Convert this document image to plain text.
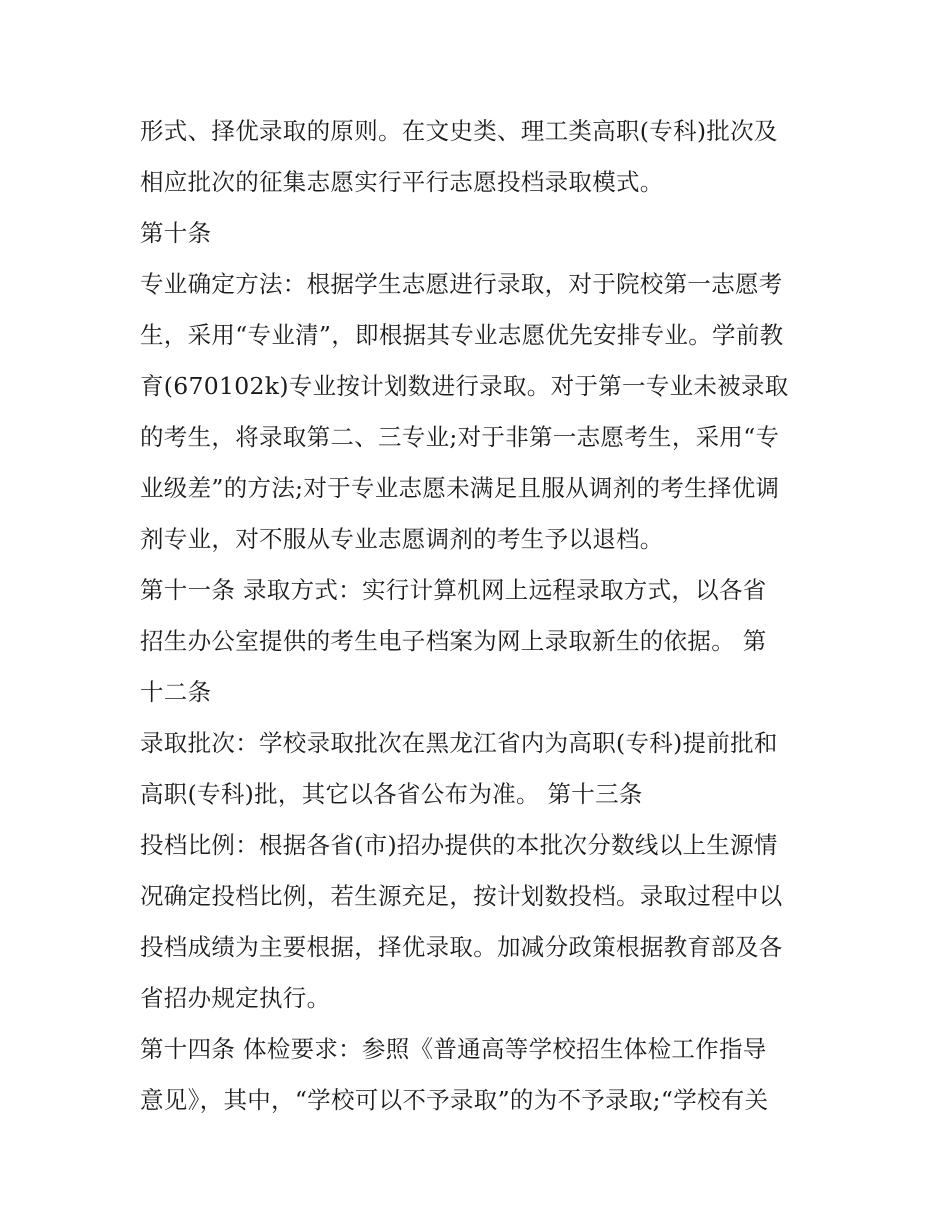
形式、择优录取的原则。在文史类、理工类高职(专科)批次及
相应批次的征集志愿实行平行志愿投档录取模式。
第十条
专业确定方法：根据学生志愿进行录取，对于院校第一志愿考
生，采用“专业清”，即根据其专业志愿优先安排专业。学前教
育(670102k)专业按计划数进行录取。对于第一专业未被录取
的考生，将录取第二、三专业;对于非第一志愿考生，采用“专
业级差”的方法;对于专业志愿未满足且服从调剂的考生择优调
剂专业，对不服从专业志愿调剂的考生予以退档。
第十一条 录取方式：实行计算机网上远程录取方式，以各省
招生办公室提供的考生电子档案为网上录取新生的依据。 第
十二条
录取批次：学校录取批次在黑龙江省内为高职(专科)提前批和
高职(专科)批，其它以各省公布为准。 第十三条
投档比例：根据各省(市)招办提供的本批次分数线以上生源情
况确定投档比例，若生源充足，按计划数投档。录取过程中以
投档成绩为主要根据，择优录取。加减分政策根据教育部及各
省招办规定执行。
第十四条 体检要求：参照《普通高等学校招生体检工作指导
意见》，其中，“学校可以不予录取”的为不予录取;“学校有关
